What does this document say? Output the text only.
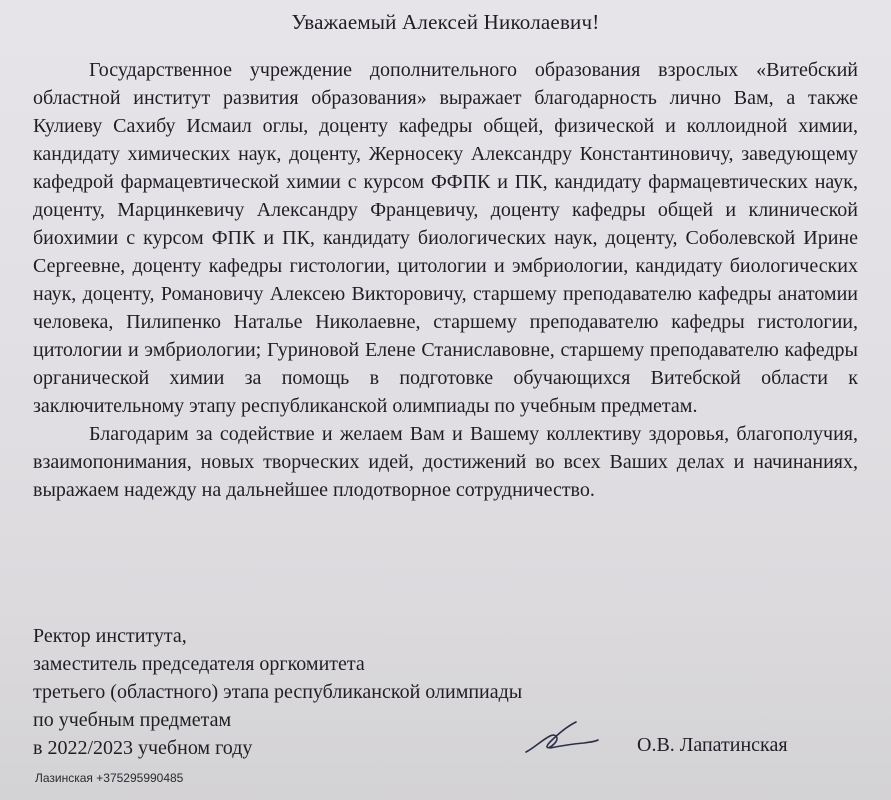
Уважаемый Алексей Николаевич!

Государственное учреждение дополнительного образования взрослых «Витебский областной институт развития образования» выражает благодарность лично Вам, а также Кулиеву Сахибу Исмаил оглы, доценту кафедры общей, физической и коллоидной химии, кандидату химических наук, доценту, Жерносеку Александру Константиновичу, заведующему кафедрой фармацевтической химии с курсом ФФПК и ПК, кандидату фармацевтических наук, доценту, Марцинкевичу Александру Францевичу, доценту кафедры общей и клинической биохимии с курсом ФПК и ПК, кандидату биологических наук, доценту, Соболевской Ирине Сергеевне, доценту кафедры гистологии, цитологии и эмбриологии, кандидату биологических наук, доценту, Романовичу Алексею Викторовичу, старшему преподавателю кафедры анатомии человека, Пилипенко Наталье Николаевне, старшему преподавателю кафедры гистологии, цитологии и эмбриологии; Гуриновой Елене Станиславовне, старшему преподавателю кафедры органической химии за помощь в подготовке обучающихся Витебской области к заключительному этапу республиканской олимпиады по учебным предметам.

Благодарим за содействие и желаем Вам и Вашему коллективу здоровья, благополучия, взаимопонимания, новых творческих идей, достижений во всех Ваших делах и начинаниях, выражаем надежду на дальнейшее плодотворное сотрудничество.

Ректор института,
заместитель председателя оргкомитета
третьего (областного) этапа республиканской олимпиады
по учебным предметам
в 2022/2023 учебном году	О.В. Лапатинская
Лазинская +375295990485
